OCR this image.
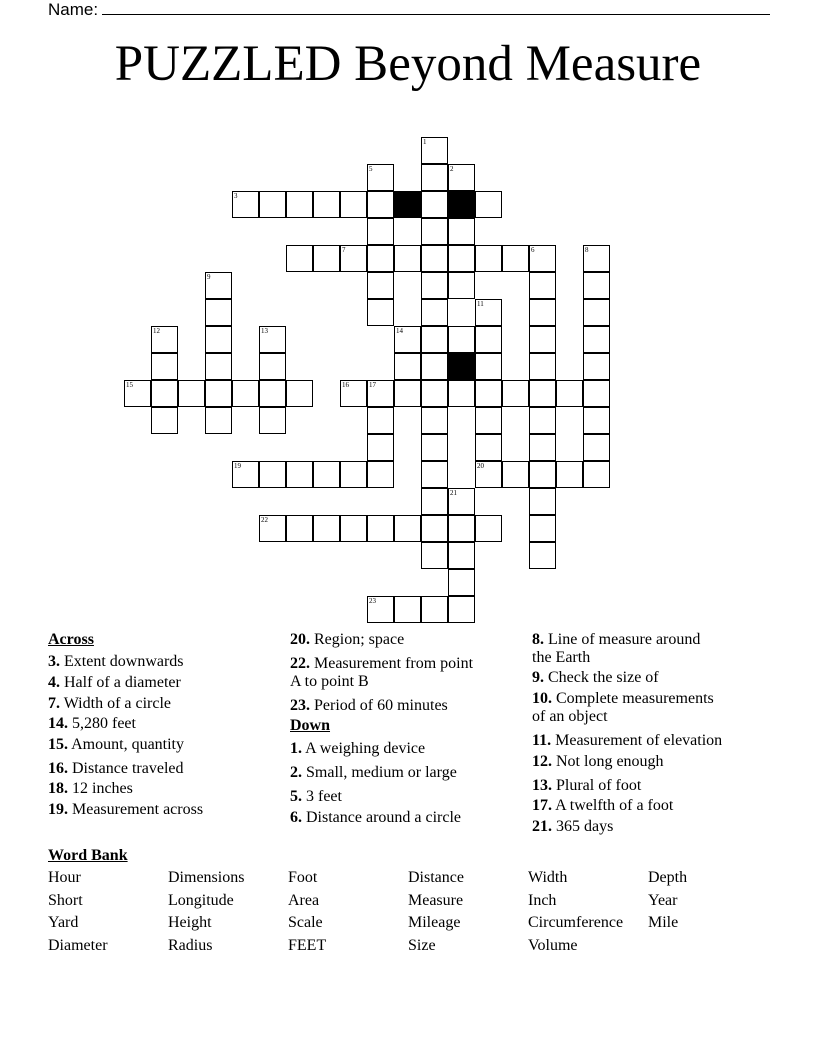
Name:
PUZZLED Beyond Measure
1
2
3
5
6
7	8
9
11
12	13	14
15	16	17
19	20
21
22
23
Across
3. Extent downwards
4. Half of a diameter
7. Width of a circle
14. 5,280 feet
15. Amount, quantity
16. Distance traveled
18. 12 inches
19. Measurement across
20. Region; space
22. Measurement from point
A to point B
23. Period of 60 minutes
Down
1. A weighing device
2. Small, medium or large
5. 3 feet
6. Distance around a circle
8. Line of measure around
the Earth
9. Check the size of
10. Complete measurements
of an object
11. Measurement of elevation
12. Not long enough
13. Plural of foot
17. A twelfth of a foot
21. 365 days
Word Bank
Hour	Dimensions	Foot	Distance	Width	Depth
Short	Longitude	Area	Measure	Inch	Year
Yard	Height	Scale	Mileage	Circumference Mile
Diameter	Radius	FEET	Size	Volume
